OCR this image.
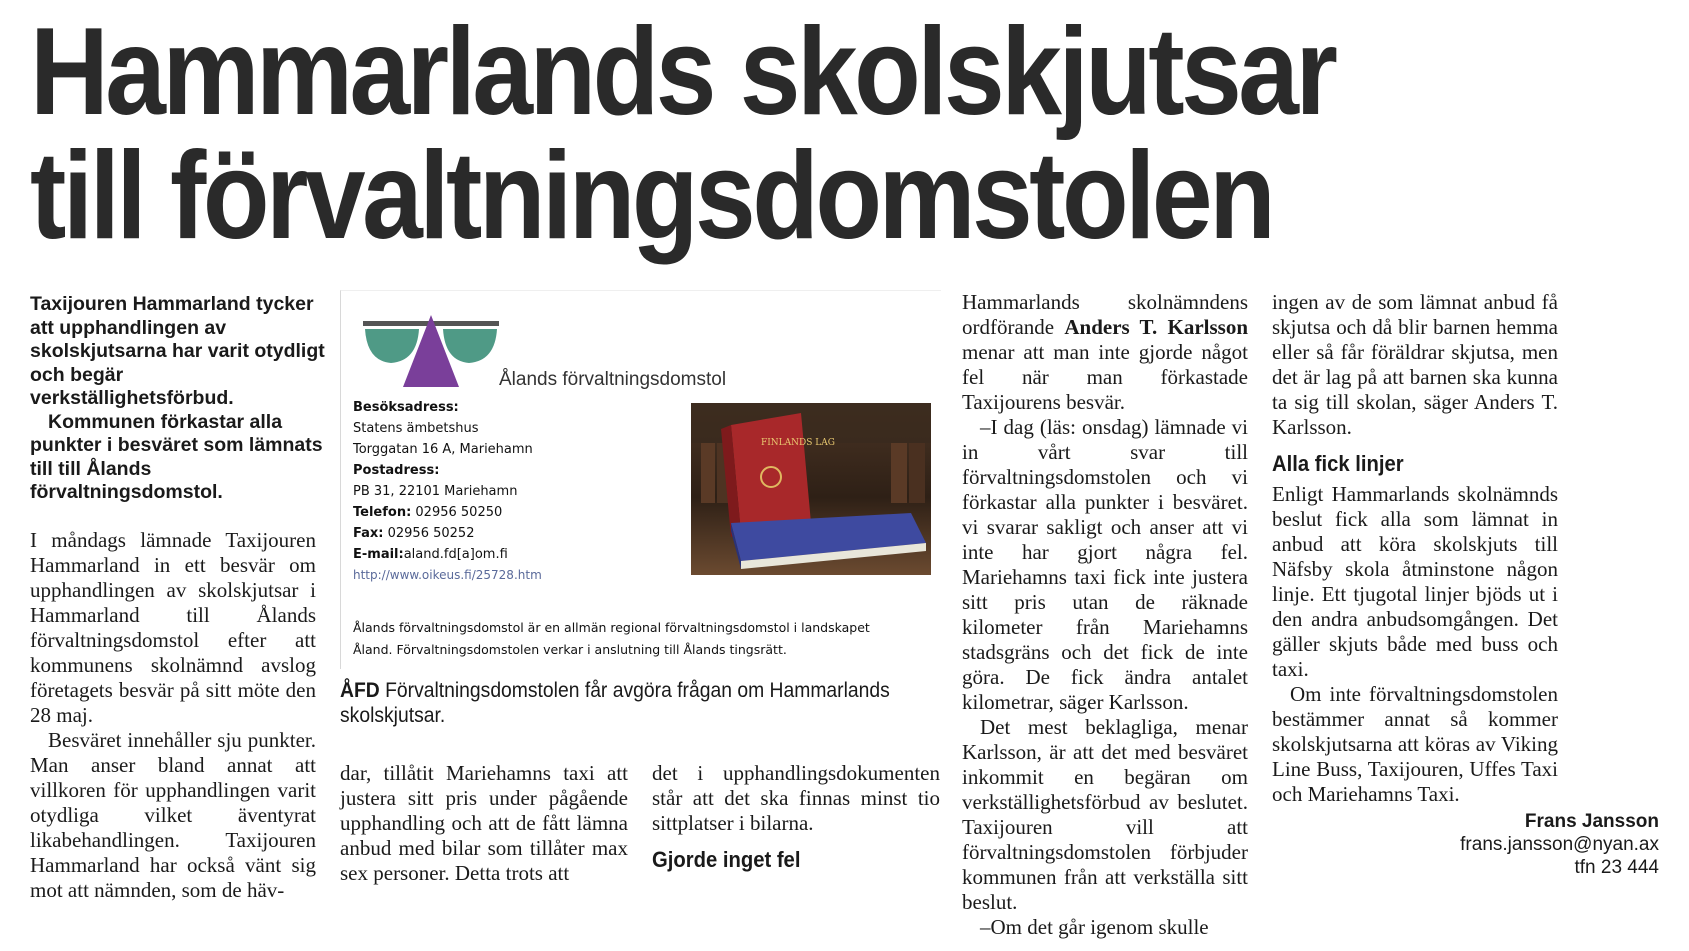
Hammarlands skolskjutsar
till förvaltningsdomstolen

Taxijouren Hammarland tycker att upphandlingen av skolskjutsarna har varit otydligt och begär verkställighetsförbud.

Kommunen förkastar alla punkter i besväret som lämnats till till Ålands förvaltningsdomstol.

I måndags lämnade Taxijouren Hammarland in ett besvär om upphandlingen av skolskjutsar i Hammarland till Ålands förvaltningsdomstol efter att kommunens skolnämnd avslog företagets besvär på sitt möte den 28 maj.

Besväret innehåller sju punkter. Man anser bland annat att villkoren för upphandlingen varit otydliga vilket äventyrat likabehandlingen. Taxijouren Hammarland har också vänt sig mot att nämnden, som de häv-

Ålands förvaltningsdomstol
Besöksadress:
Statens ämbetshus
Torggatan 16 A, Mariehamn
Postadress:
PB 31, 22101 Mariehamn
Telefon: 02956 50250
Fax: 02956 50252
E-mail:aland.fd[a]om.fi
http://www.oikeus.fi/25728.htm
FINLANDS LAG
Ålands förvaltningsdomstol är en allmän regional förvaltningsdomstol i landskapet
Åland. Förvaltningsdomstolen verkar i anslutning till Ålands tingsrätt.
ÅFD Förvaltningsdomstolen får avgöra frågan om Hammarlands skolskjutsar.

dar, tillåtit Mariehamns taxi att justera sitt pris under pågående upphandling och att de fått lämna anbud med bilar som tillåter max sex personer. Detta trots att

det i upphandlingsdokumenten står att det ska finnas minst tio sittplatser i bilarna.

Gjorde inget fel

Hammarlands skolnämndens ordförande Anders T. Karlsson menar att man inte gjorde något fel när man förkastade Taxijourens besvär.

–I dag (läs: onsdag) lämnade vi in vårt svar till förvaltningsdomstolen och vi förkastar alla punkter i besväret. vi svarar sakligt och anser att vi inte har gjort några fel. Mariehamns taxi fick inte justera sitt pris utan de räknade kilometer från Mariehamns stadsgräns och det fick de inte göra. De fick ändra antalet kilometrar, säger Karlsson.

Det mest beklagliga, menar Karlsson, är att det med besväret inkommit en begäran om verkställighetsförbud av beslutet. Taxijouren vill att förvaltningsdomstolen förbjuder kommunen från att verkställa sitt beslut.

–Om det går igenom skulle

ingen av de som lämnat anbud få skjutsa och då blir barnen hemma eller så får föräldrar skjutsa, men det är lag på att barnen ska kunna ta sig till skolan, säger Anders T. Karlsson.

Alla fick linjer

Enligt Hammarlands skolnämnds beslut fick alla som lämnat in anbud att köra skolskjuts till Näfsby skola åtminstone någon linje. Ett tjugotal linjer bjöds ut i den andra anbudsomgången. Det gäller skjuts både med buss och taxi.

Om inte förvaltningsdomstolen bestämmer annat så kommer skolskjutsarna att köras av Viking Line Buss, Taxijouren, Uffes Taxi och Mariehamns Taxi.

Frans Jansson
frans.jansson@nyan.ax
tfn 23 444
